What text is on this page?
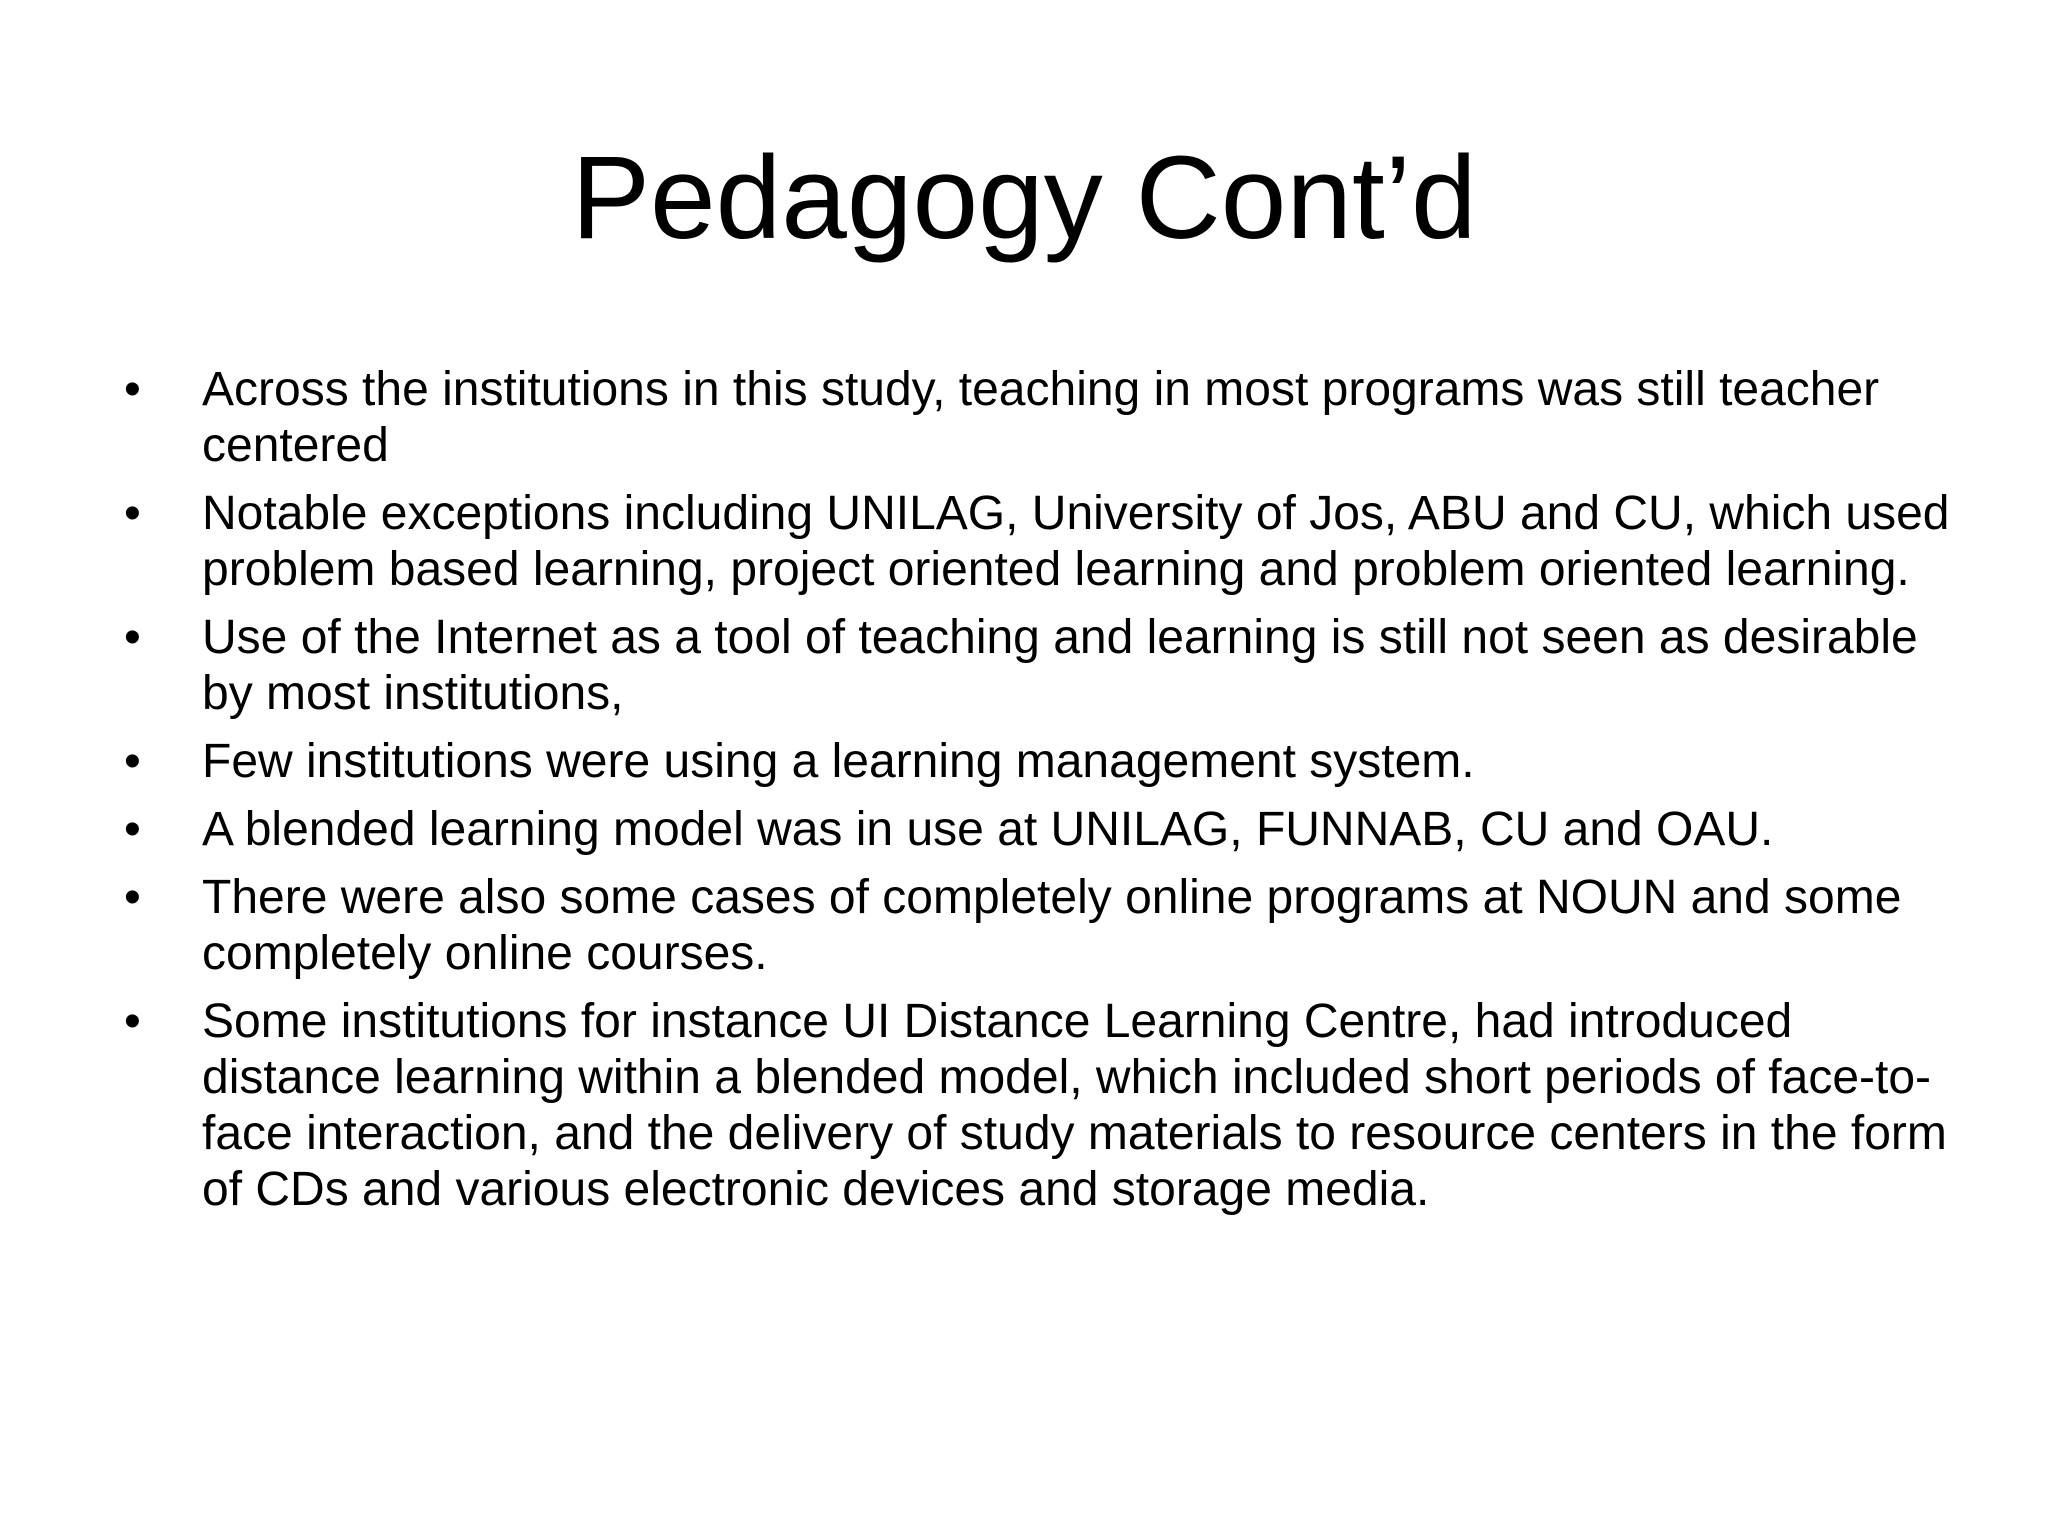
Pedagogy Cont’d
•	Across the institutions in this study, teaching in most programs was still teacher centered
•	Notable exceptions including UNILAG, University of Jos, ABU and CU, which used problem based learning, project oriented learning and problem oriented learning.
•	Use of the Internet as a tool of teaching and learning is still not seen as desirable by most institutions,
•	Few institutions were using a learning management system.
•	A blended learning model was in use at UNILAG, FUNNAB, CU and OAU.
•	There were also some cases of completely online programs at NOUN and some completely online courses.
•	Some institutions for instance UI Distance Learning Centre, had introduced distance learning within a blended model, which included short periods of face-to-face interaction, and the delivery of study materials to resource centers in the form of CDs and various electronic devices and storage media.
